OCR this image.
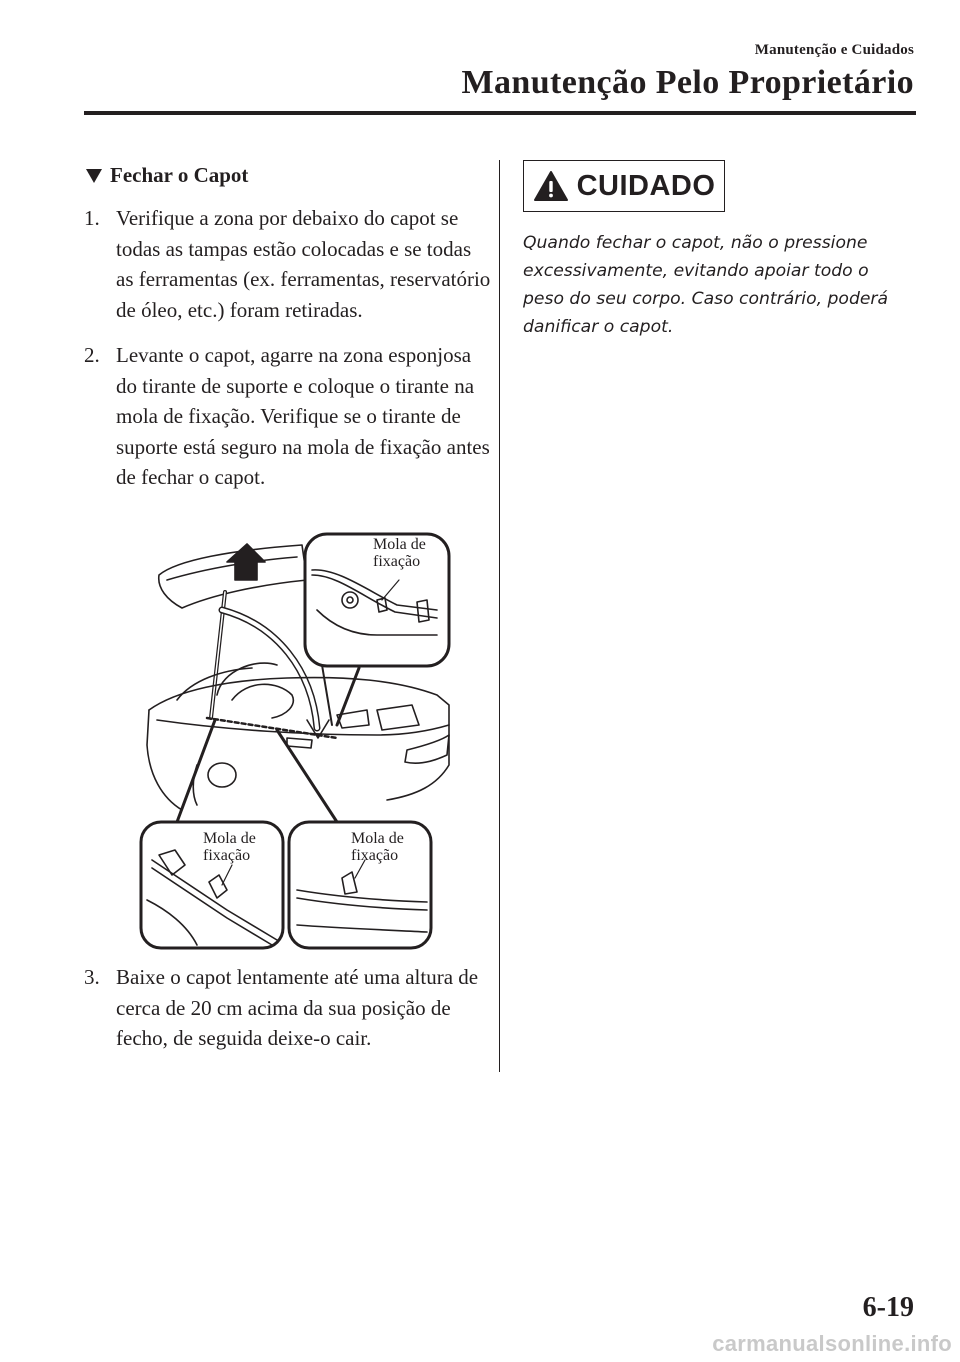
Manutenção e Cuidados
Manutenção Pelo Proprietário
Fechar o Capot
1. Verifique a zona por debaixo do capot se todas as tampas estão colocadas e se todas as ferramentas (ex. ferramentas, reservatório de óleo, etc.) foram retiradas.
2. Levante o capot, agarre na zona esponjosa do tirante de suporte e coloque o tirante na mola de fixação. Verifique se o tirante de suporte está seguro na mola de fixação antes de fechar o capot.
Mola de
fixação
Mola de
fixação
Mola de
fixação
3. Baixe o capot lentamente até uma altura de cerca de 20 cm acima da sua posição de fecho, de seguida deixe-o cair.
CUIDADO
Quando fechar o capot, não o pressione excessivamente, evitando apoiar todo o peso do seu corpo. Caso contrário, poderá danificar o capot.
6-19
carmanualsonline.info
